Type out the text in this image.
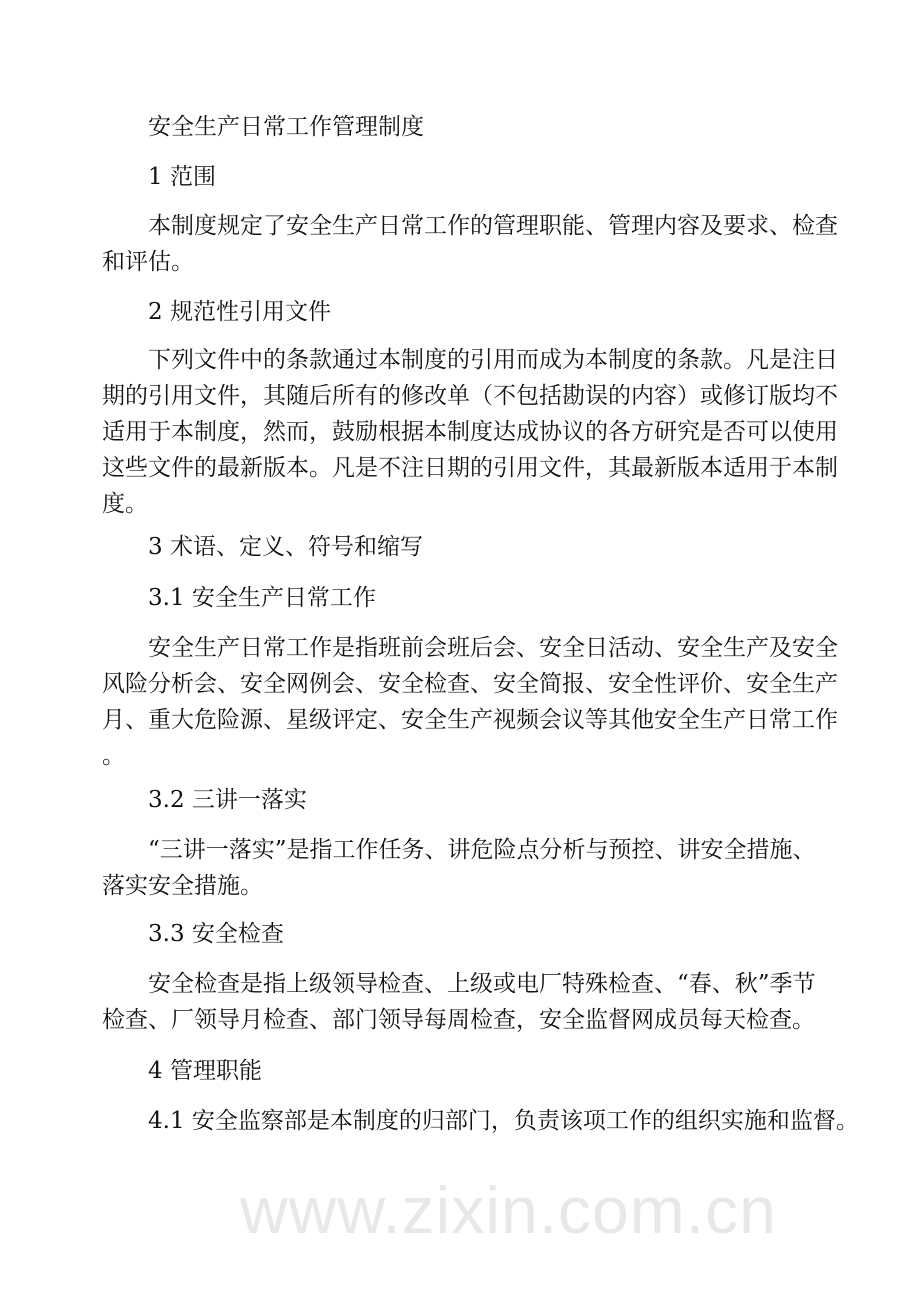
www.zixin.com.cn
安全生产日常工作管理制度
1 范围
本制度规定了安全生产日常工作的管理职能、管理内容及要求、检查
和评估。
2 规范性引用文件
下列文件中的条款通过本制度的引用而成为本制度的条款。凡是注日
期的引用文件，其随后所有的修改单（不包括勘误的内容）或修订版均不
适用于本制度，然而，鼓励根据本制度达成协议的各方研究是否可以使用
这些文件的最新版本。凡是不注日期的引用文件，其最新版本适用于本制
度。
3 术语、定义、符号和缩写
3.1 安全生产日常工作
安全生产日常工作是指班前会班后会、安全日活动、安全生产及安全
风险分析会、安全网例会、安全检查、安全简报、安全性评价、安全生产
月、重大危险源、星级评定、安全生产视频会议等其他安全生产日常工作
。
3.2 三讲一落实
“三讲一落实”是指工作任务、讲危险点分析与预控、讲安全措施、
落实安全措施。
3.3 安全检查
安全检查是指上级领导检查、上级或电厂特殊检查、“春、秋”季节
检查、厂领导月检查、部门领导每周检查，安全监督网成员每天检查。
4 管理职能
4.1 安全监察部是本制度的归部门，负责该项工作的组织实施和监督。
